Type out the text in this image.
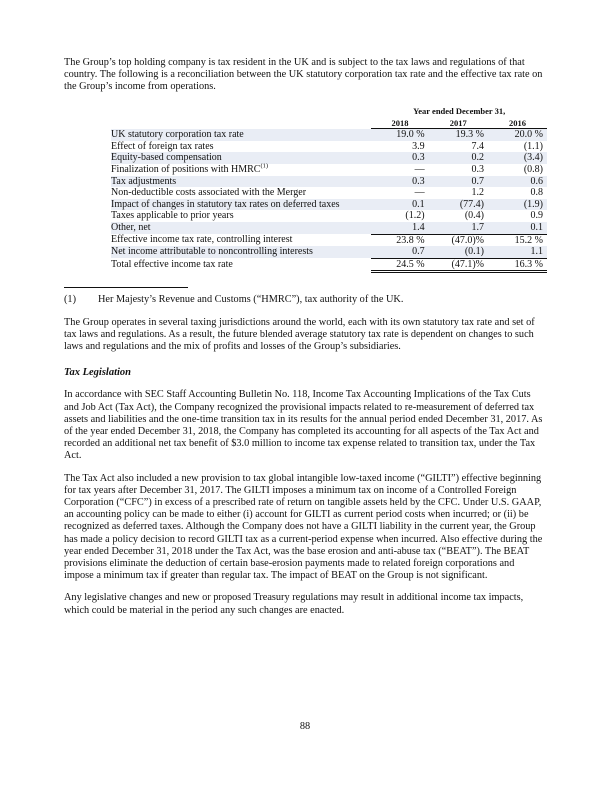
The Group’s top holding company is tax resident in the UK and is subject to the tax laws and regulations of that country. The following is a reconciliation between the UK statutory corporation tax rate and the effective tax rate on the Group’s income from operations.

	Year ended December 31,		
	2018	2017	2016
UK statutory corporation tax rate	19.0 %	19.3 %	20.0 %
Effect of foreign tax rates	3.9	7.4	(1.1)
Equity-based compensation	0.3	0.2	(3.4)
Finalization of positions with HMRC$^{(1)}$	—	0.3	(0.8)
Tax adjustments	0.3	0.7	0.6
Non-deductible costs associated with the Merger	—	1.2	0.8
Impact of changes in statutory tax rates on deferred taxes	0.1	(77.4)	(1.9)
Taxes applicable to prior years	(1.2)	(0.4)	0.9
Other, net	1.4	1.7	0.1
Effective income tax rate, controlling interest	23.8 %	(47.0)%	15.2 %
Net income attributable to noncontrolling interests	0.7	(0.1)	1.1
Total effective income tax rate	24.5 %	(47.1)%	16.3 %
(1)	Her Majesty’s Revenue and Customs (“HMRC”), tax authority of the UK.

The Group operates in several taxing jurisdictions around the world, each with its own statutory tax rate and set of tax laws and regulations. As a result, the future blended average statutory tax rate is dependent on changes to such laws and regulations and the mix of profits and losses of the Group’s subsidiaries.

Tax Legislation

In accordance with SEC Staff Accounting Bulletin No. 118, Income Tax Accounting Implications of the Tax Cuts and Job Act (Tax Act), the Company recognized the provisional impacts related to re-measurement of deferred tax assets and liabilities and the one-time transition tax in its results for the annual period ended December 31, 2017. As of the year ended December 31, 2018, the Company has completed its accounting for all aspects of the Tax Act and recorded an additional net tax benefit of $3.0 million to income tax expense related to transition tax, under the Tax Act.

The Tax Act also included a new provision to tax global intangible low-taxed income (“GILTI”) effective beginning for tax years after December 31, 2017. The GILTI imposes a minimum tax on income of a Controlled Foreign Corporation (“CFC”) in excess of a prescribed rate of return on tangible assets held by the CFC. Under U.S. GAAP, an accounting policy can be made to either (i) account for GILTI as current period costs when incurred; or (ii) be recognized as deferred taxes. Although the Company does not have a GILTI liability in the current year, the Group has made a policy decision to record GILTI tax as a current-period expense when incurred. Also effective during the year ended December 31, 2018 under the Tax Act, was the base erosion and anti-abuse tax (“BEAT”). The BEAT provisions eliminate the deduction of certain base-erosion payments made to related foreign corporations and impose a minimum tax if greater than regular tax. The impact of BEAT on the Group is not significant.

Any legislative changes and new or proposed Treasury regulations may result in additional income tax impacts, which could be material in the period any such changes are enacted.

88
